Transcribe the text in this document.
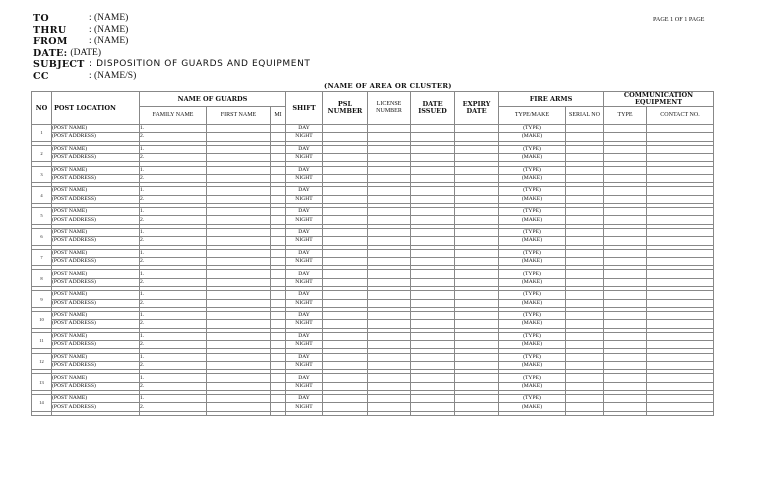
TO	: (NAME)
THRU	: (NAME)
FROM	: (NAME)
DATE: (DATE)
SUBJECT : DISPOSITION OF GUARDS AND EQUIPMENT
CC	: (NAME/S)
PAGE 1 OF 1 PAGE
(NAME OF AREA OR CLUSTER)
NO	POST LOCATION	NAME OF GUARDS			SHIFT	PSL NUMBER	LICENSE NUMBER	DATE ISSUED	EXPIRY DATE	FIRE ARMS		COMMUNICATION EQUIPMENT	
		FAMILY NAME	FIRST NAME	MI						TYPE/MAKE	SERIAL NO	TYPE	CONTACT NO.
1	(POST NAME)	1.			DAY					(TYPE)			
	(POST ADDRESS)	2.			NIGHT					(MAKE)			

2	(POST NAME)	1.			DAY					(TYPE)			
	(POST ADDRESS)	2.			NIGHT					(MAKE)			

3	(POST NAME)	1.			DAY					(TYPE)			
	(POST ADDRESS)	2.			NIGHT					(MAKE)			

4	(POST NAME)	1.			DAY					(TYPE)			
	(POST ADDRESS)	2.			NIGHT					(MAKE)			

5	(POST NAME)	1.			DAY					(TYPE)			
	(POST ADDRESS)	2.			NIGHT					(MAKE)			

6	(POST NAME)	1.			DAY					(TYPE)			
	(POST ADDRESS)	2.			NIGHT					(MAKE)			

7	(POST NAME)	1.			DAY					(TYPE)			
	(POST ADDRESS)	2.			NIGHT					(MAKE)			

8	(POST NAME)	1.			DAY					(TYPE)			
	(POST ADDRESS)	2.			NIGHT					(MAKE)			

9	(POST NAME)	1.			DAY					(TYPE)			
	(POST ADDRESS)	2.			NIGHT					(MAKE)			

10	(POST NAME)	1.			DAY					(TYPE)			
	(POST ADDRESS)	2.			NIGHT					(MAKE)			

11	(POST NAME)	1.			DAY					(TYPE)			
	(POST ADDRESS)	2.			NIGHT					(MAKE)			

12	(POST NAME)	1.			DAY					(TYPE)			
	(POST ADDRESS)	2.			NIGHT					(MAKE)			

13	(POST NAME)	1.			DAY					(TYPE)			
	(POST ADDRESS)	2.			NIGHT					(MAKE)			

14	(POST NAME)	1.			DAY					(TYPE)			
	(POST ADDRESS)	2.			NIGHT					(MAKE)			
